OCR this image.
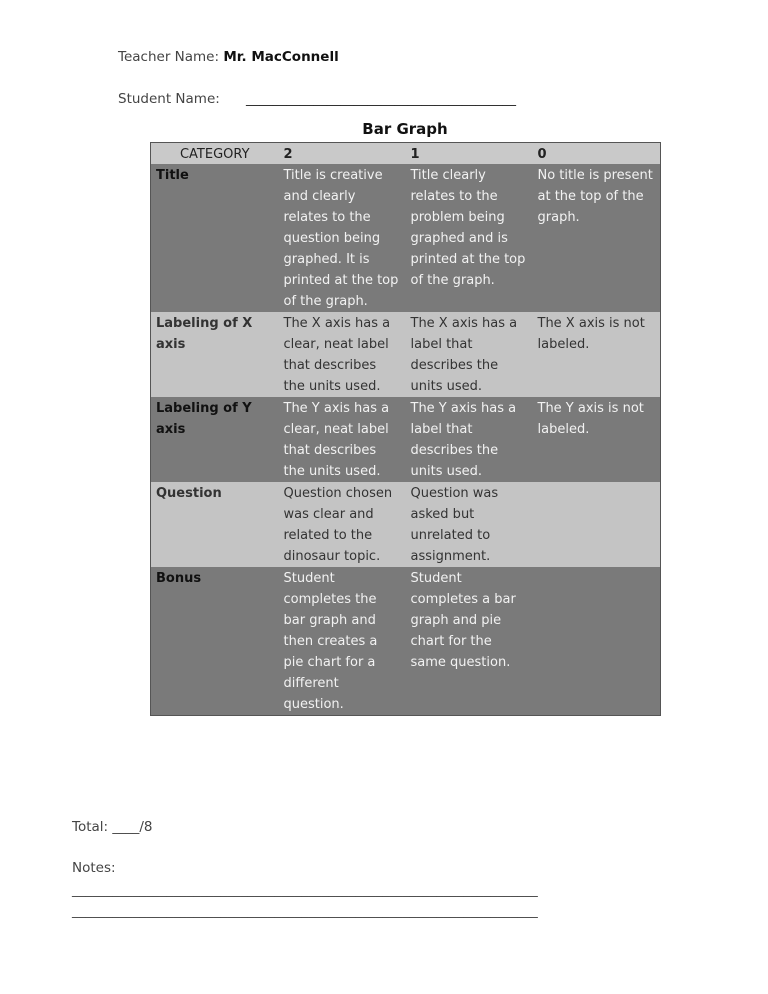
Teacher Name: Mr. MacConnell
Student Name: ________________________________________
Bar Graph
CATEGORY	2	1	0
Title	Title is creative and clearly relates to the question being graphed. It is printed at the top of the graph.	Title clearly relates to the problem being graphed and is printed at the top of the graph.	No title is present at the top of the graph.
Labeling of X axis	The X axis has a clear, neat label that describes the units used.	The X axis has a label that describes the units used.	The X axis is not labeled.
Labeling of Y axis	The Y axis has a clear, neat label that describes the units used.	The Y axis has a label that describes the units used.	The Y axis is not labeled.
Question	Question chosen was clear and related to the dinosaur topic.	Question was asked but unrelated to assignment.	
Bonus	Student completes the bar graph and then creates a pie chart for a different question.	Student completes a bar graph and pie chart for the same question.	
Total: ____/8
Notes:
_____________________________________________________________________
_____________________________________________________________________
